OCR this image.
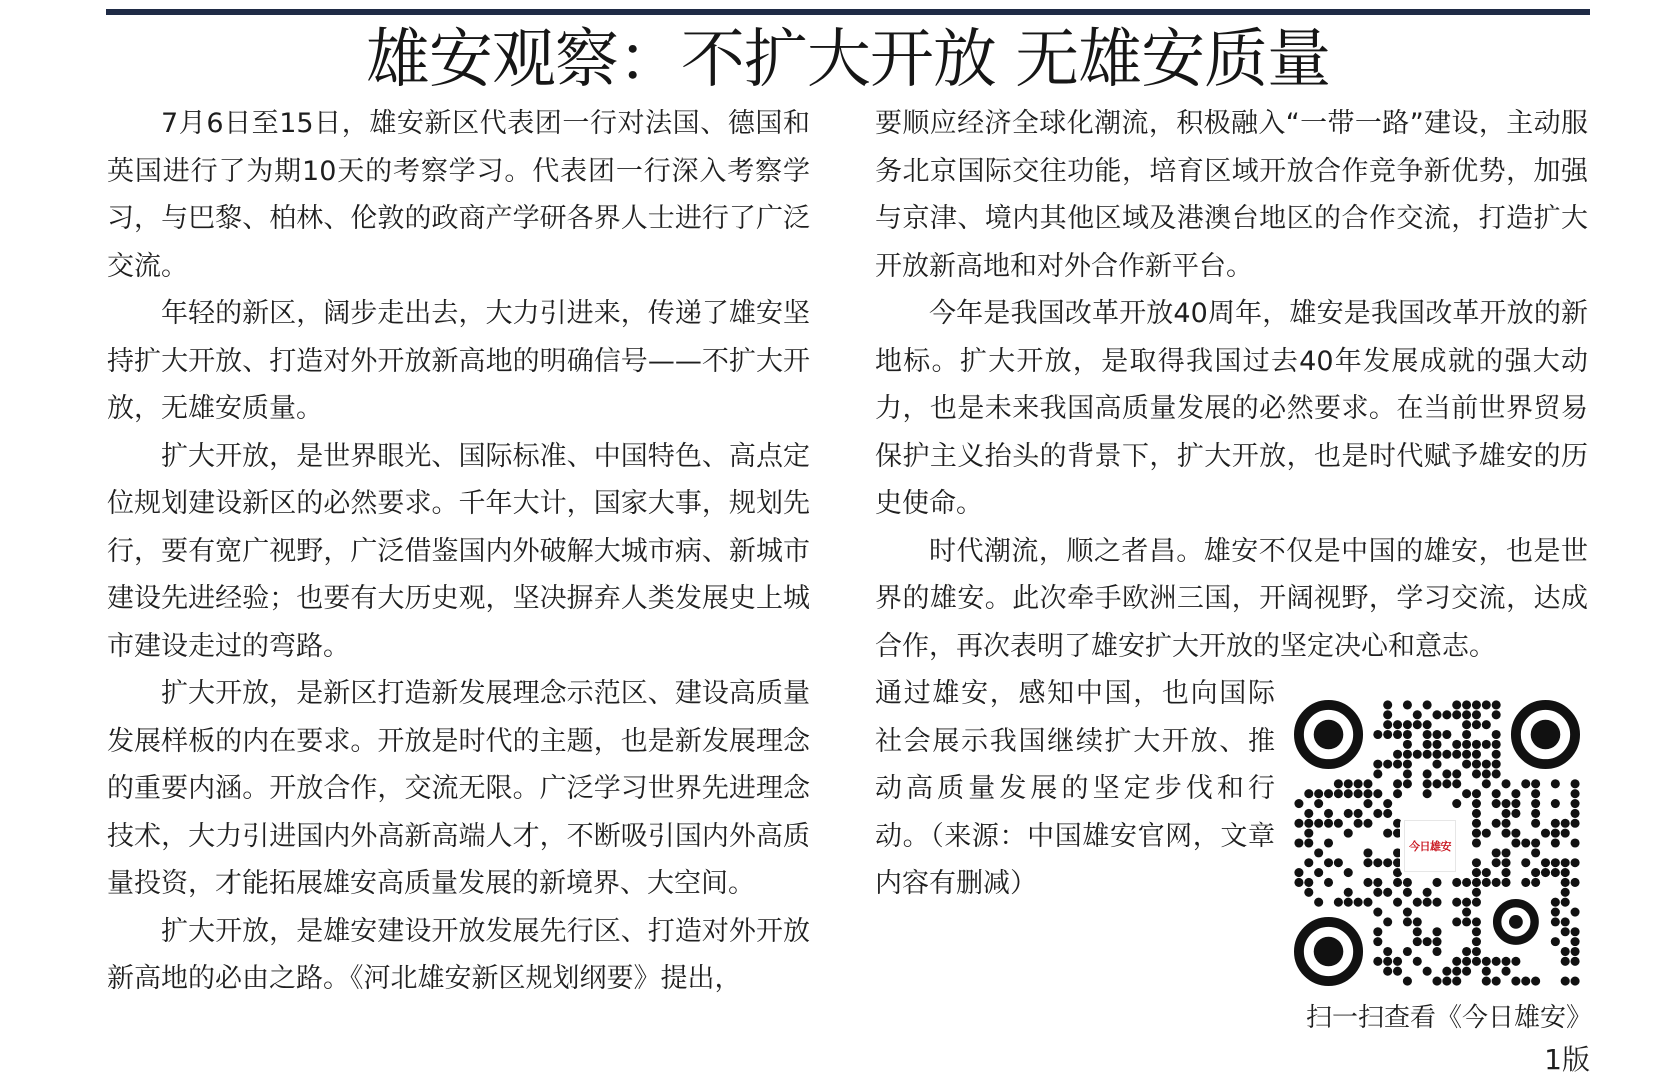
雄安观察：不扩大开放 无雄安质量

7月6日至15日，雄安新区代表团一行对法国、德国和英国进行了为期10天的考察学习。代表团一行深入考察学习，与巴黎、柏林、伦敦的政商产学研各界人士进行了广泛交流。

年轻的新区，阔步走出去，大力引进来，传递了雄安坚持扩大开放、打造对外开放新高地的明确信号——不扩大开放，无雄安质量。

扩大开放，是世界眼光、国际标准、中国特色、高点定位规划建设新区的必然要求。千年大计，国家大事，规划先行，要有宽广视野，广泛借鉴国内外破解大城市病、新城市建设先进经验；也要有大历史观，坚决摒弃人类发展史上城市建设走过的弯路。

扩大开放，是新区打造新发展理念示范区、建设高质量发展样板的内在要求。开放是时代的主题，也是新发展理念的重要内涵。开放合作，交流无限。广泛学习世界先进理念技术，大力引进国内外高新高端人才，不断吸引国内外高质量投资，才能拓展雄安高质量发展的新境界、大空间。

扩大开放，是雄安建设开放发展先行区、打造对外开放新高地的必由之路。《河北雄安新区规划纲要》提出，

要顺应经济全球化潮流，积极融入“一带一路”建设，主动服务北京国际交往功能，培育区域开放合作竞争新优势，加强与京津、境内其他区域及港澳台地区的合作交流，打造扩大开放新高地和对外合作新平台。

今年是我国改革开放40周年，雄安是我国改革开放的新地标。扩大开放，是取得我国过去40年发展成就的强大动力，也是未来我国高质量发展的必然要求。在当前世界贸易保护主义抬头的背景下，扩大开放，也是时代赋予雄安的历史使命。

时代潮流，顺之者昌。雄安不仅是中国的雄安，也是世界的雄安。此次牵手欧洲三国，开阔视野，学习交流，达成合作，再次表明了雄安扩大开放的坚定决心和意志。

通过雄安，感知中国，也向国际社会展示我国继续扩大开放、推动高质量发展的坚定步伐和行动。（来源：中国雄安官网，文章内容有删减）

今日雄安
扫一扫查看《今日雄安》
1版
